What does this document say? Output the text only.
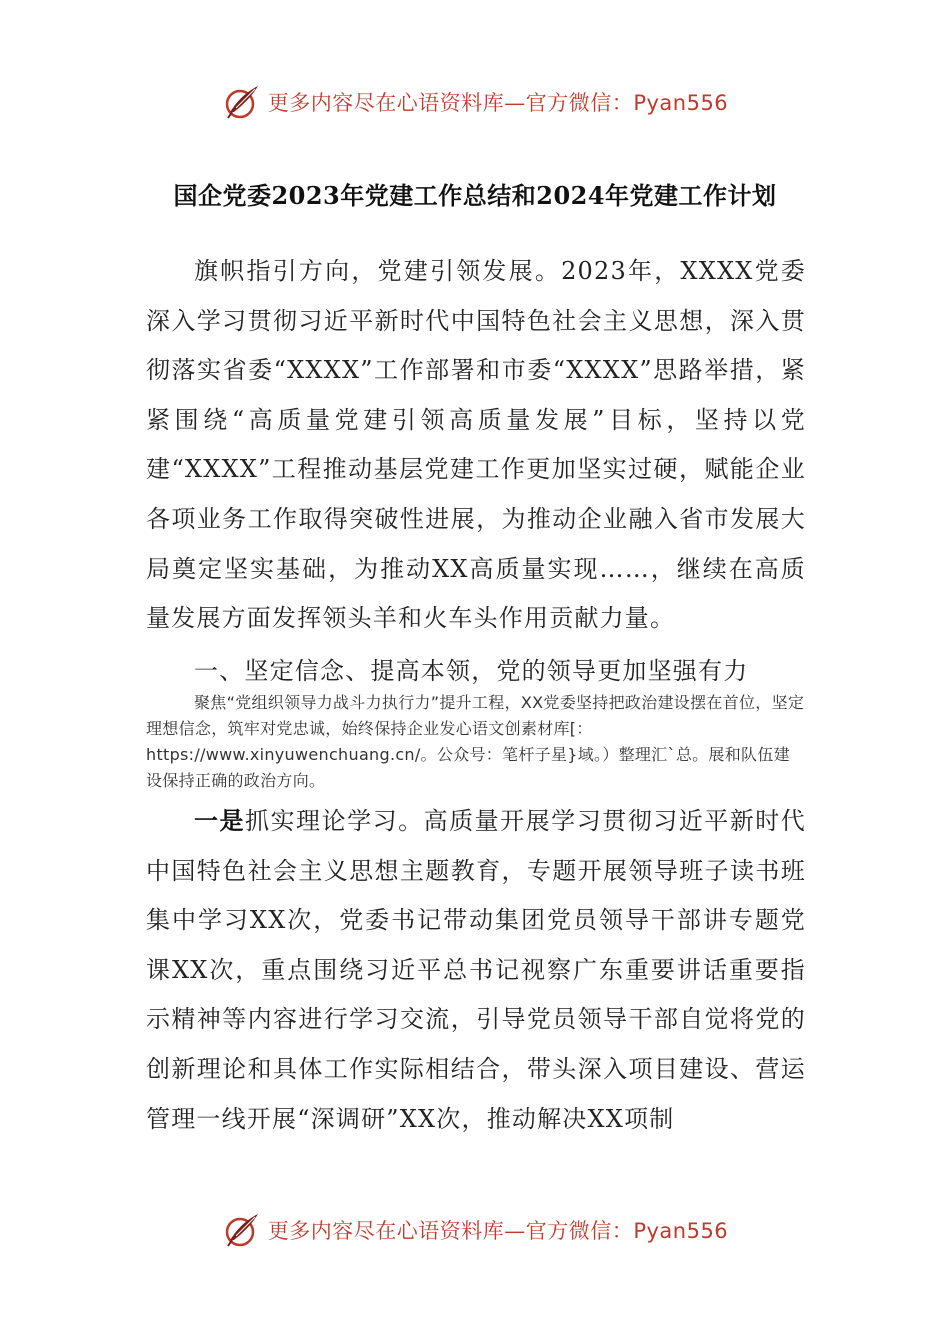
更多内容尽在心语资料库—官方微信：Pyan556
国企党委2023年党建工作总结和2024年党建工作计划

旗帜指引方向，党建引领发展。2023年，XXXX党委深入学习贯彻习近平新时代中国特色社会主义思想，深入贯彻落实省委“XXXX”工作部署和市委“XXXX”思路举措，紧紧围绕“高质量党建引领高质量发展”目标，坚持以党建“XXXX”工程推动基层党建工作更加坚实过硬，赋能企业各项业务工作取得突破性进展，为推动企业融入省市发展大局奠定坚实基础，为推动XX高质量实现……，继续在高质量发展方面发挥领头羊和火车头作用贡献力量。

一、坚定信念、提高本领，党的领导更加坚强有力

聚焦“党组织领导力战斗力执行力”提升工程，XX党委坚持把政治建设摆在首位，坚定理想信念，筑牢对党忠诚，始终保持企业发心语文创素材库[：https://www.xinyuwenchuang.cn/。公众号：笔杆子星}域。）整理汇`总。展和队伍建设保持正确的政治方向。

一是抓实理论学习。高质量开展学习贯彻习近平新时代中国特色社会主义思想主题教育，专题开展领导班子读书班集中学习XX次，党委书记带动集团党员领导干部讲专题党课XX次，重点围绕习近平总书记视察广东重要讲话重要指示精神等内容进行学习交流，引导党员领导干部自觉将党的创新理论和具体工作实际相结合，带头深入项目建设、营运管理一线开展“深调研”XX次，推动解决XX项制

更多内容尽在心语资料库—官方微信：Pyan556
